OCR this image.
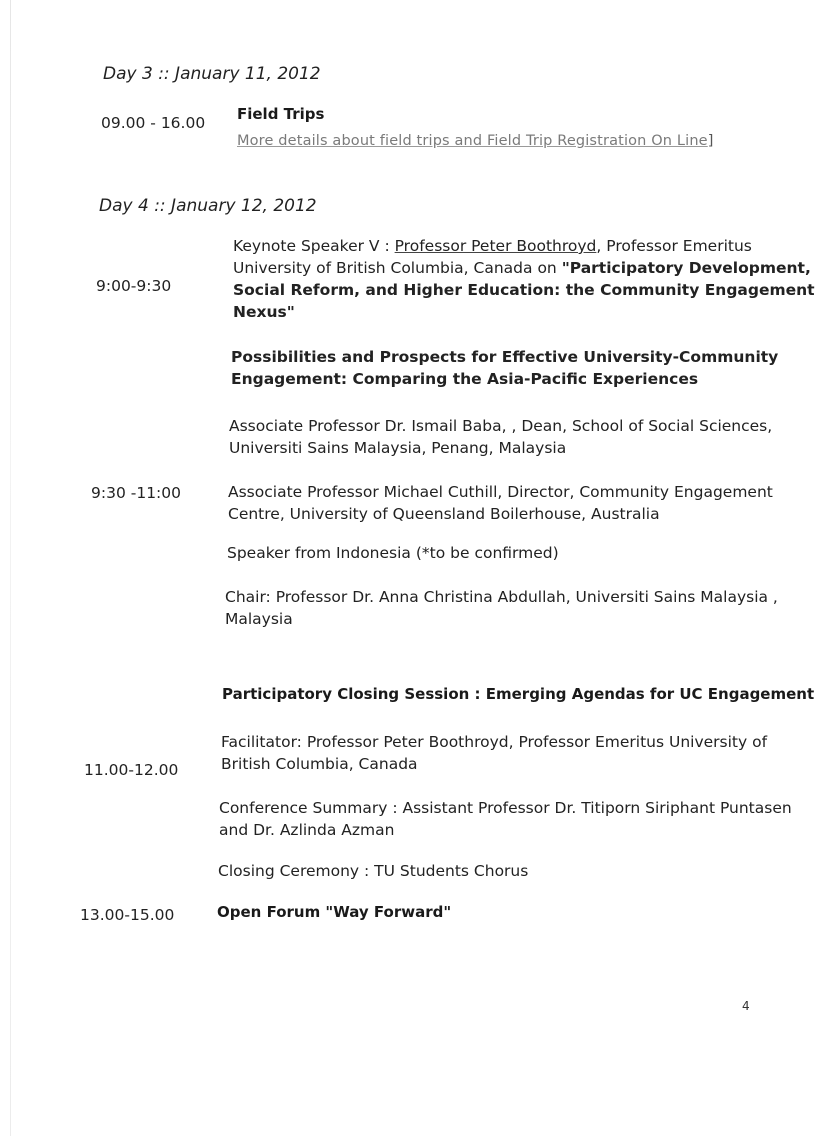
Day 3 :: January 11, 2012
09.00 - 16.00 Field Trips
More details about field trips and Field Trip Registration On Line]
Day 4 :: January 12, 2012
9:00-9:30
Keynote Speaker V : Professor Peter Boothroyd, Professor Emeritus
University of British Columbia, Canada on "Participatory Development,
Social Reform, and Higher Education: the Community Engagement
Nexus"
9:30 -11:00
Possibilities and Prospects for Effective University-Community
Engagement: Comparing the Asia-Pacific Experiences
Associate Professor Dr. Ismail Baba, , Dean, School of Social Sciences,
Universiti Sains Malaysia, Penang, Malaysia
Associate Professor Michael Cuthill, Director, Community Engagement
Centre, University of Queensland Boilerhouse, Australia
Speaker from Indonesia (*to be confirmed)
Chair: Professor Dr. Anna Christina Abdullah, Universiti Sains Malaysia ,
Malaysia
11.00-12.00
Participatory Closing Session : Emerging Agendas for UC Engagement
Facilitator: Professor Peter Boothroyd, Professor Emeritus University of
British Columbia, Canada
Conference Summary : Assistant Professor Dr. Titiporn Siriphant Puntasen
and Dr. Azlinda Azman
Closing Ceremony : TU Students Chorus
13.00-15.00	Open Forum "Way Forward"
4
